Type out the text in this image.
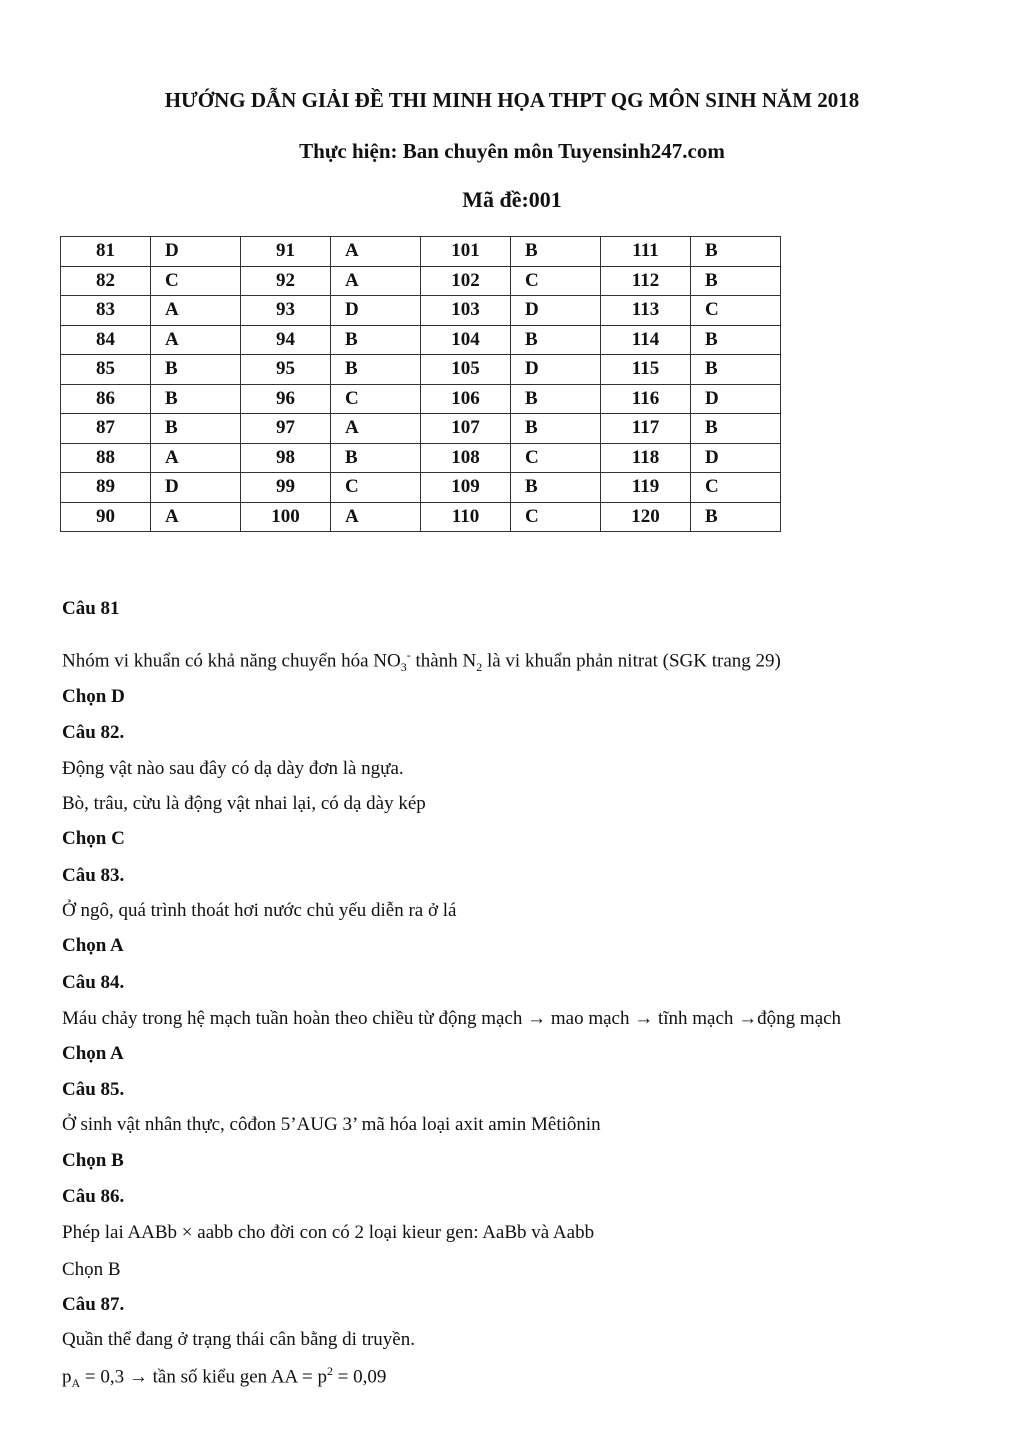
HƯỚNG DẪN GIẢI ĐỀ THI MINH HỌA THPT QG MÔN SINH NĂM 2018
Thực hiện: Ban chuyên môn Tuyensinh247.com
Mã đề:001
81	D	91	A	101	B	111	B
82	C	92	A	102	C	112	B
83	A	93	D	103	D	113	C
84	A	94	B	104	B	114	B
85	B	95	B	105	D	115	B
86	B	96	C	106	B	116	D
87	B	97	A	107	B	117	B
88	A	98	B	108	C	118	D
89	D	99	C	109	B	119	C
90	A	100	A	110	C	120	B
Câu 81
Nhóm vi khuẩn có khả năng chuyển hóa $NO_3^-$ thành $N_2$ là vi khuẩn phản nitrat (SGK trang 29)
Chọn D
Câu 82.
Động vật nào sau đây có dạ dày đơn là ngựa.
Bò, trâu, cừu là động vật nhai lại, có dạ dày kép
Chọn C
Câu 83.
Ở ngô, quá trình thoát hơi nước chủ yếu diễn ra ở lá
Chọn A
Câu 84.
Máu chảy trong hệ mạch tuần hoàn theo chiều từ động mạch → mao mạch → tĩnh mạch →động mạch
Chọn A
Câu 85.
Ở sinh vật nhân thực, côđon 5’AUG 3’ mã hóa loại axit amin Mêtiônin
Chọn B
Câu 86.
Phép lai AABb × aabb cho đời con có 2 loại kieur gen: AaBb và Aabb
Chọn B
Câu 87.
Quần thể đang ở trạng thái cân bằng di truyền.
$p_A = 0,3$ → tần số kiểu gen AA = $p^2 = 0,09$
